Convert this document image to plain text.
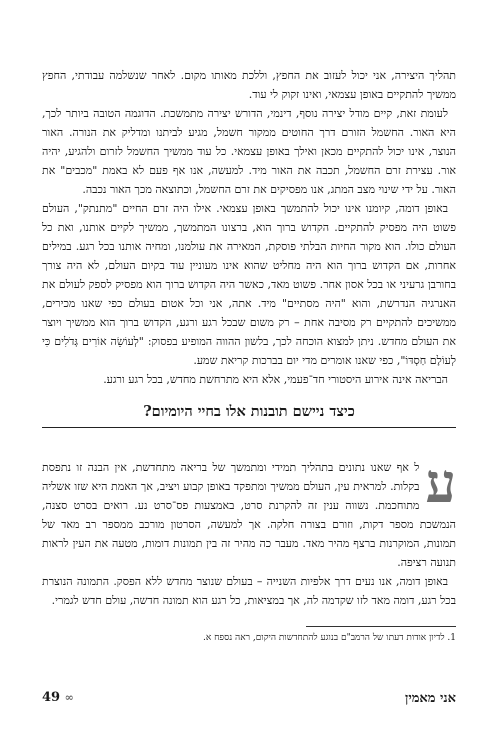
תהליך היצירה, אני יכול לעזוב את החפץ, וללכת מאותו מקום. לאחר שנשלמה עבודתי, החפץ ממשיך להתקיים באופן עצמאי, ואינו זקוק לי עוד.

לעומת זאת, קיים מודל יצירה נוסף, דינמי, הדורש יצירה מתמשכת. הדוגמה הטובה ביותר לכך, היא האור. החשמל הזורם דרך החוטים ממקור חשמל, מגיע לביתנו ומדליק את הנורה. האור הנוצר, אינו יכול להתקיים מכאן ואילך באופן עצמאי. כל עוד ממשיך החשמל לזרום ולהגיע, יהיה אור. עצירת זרם החשמל, תכבה את האור מיד. למעשה, אנו אף פעם לא באמת "מכבים" את האור. על ידי שינוי מצב המתג, אנו מפסיקים את זרם החשמל, וכתוצאה מכך האור נכבה.

באופן דומה, קיומנו אינו יכול להתמשך באופן עצמאי. אילו היה זרם החיים "מתנתק", העולם פשוט היה מפסיק להתקיים. הקדוש ברוך הוא, ברצונו המתמשך, ממשיך לקיים אותנו, ואת כל העולם כולו. הוא מקור החיות הבלתי פוסקת, המאירה את עולמנו, ומחיה אותנו בכל רגע. במילים אחרות, אם הקדוש ברוך הוא היה מחליט שהוא אינו מעוניין עוד בקיום העולם, לא היה צורך בחורבן גרעיני או בכל אסון אחר. פשוט מאד, כאשר היה הקדוש ברוך הוא מפסיק לספק לעולם את האנרגיה הנדרשת, והוא "היה מסתיים" מיד. אתה, אני וכל אטום בעולם כפי שאנו מכירים, ממשיכים להתקיים רק מסיבה אחת – רק משום שבכל רגע ורגע, הקדוש ברוך הוא ממשיך ויוצר את העולם מחדש. ניתן למצוא הוכחה לכך, בלשון ההווה המופיע בפסוק: "לְעוֹשֵׂה אוֹרִים גְּדֹלִים כִּי לְעוֹלָם חַסְדּוֹ", כפי שאנו אומרים מדי יום בברכות קריאת שמע.

הבריאה אינה אירוע היסטורי חד־פעמי, אלא היא מתרחשת מחדש, בכל רגע ורגע.

כיצד ניישם תובנות אלו בחיי היומיום?
ע

ל אף שאנו נתונים בתהליך תמידי ומתמשך של בריאה מתחדשת, אין הבנה זו נתפסת בקלות. למראית עין, העולם ממשיך ומתפקד באופן קבוע ויציב, אך האמת היא שזו אשליה מתוחכמת. נשווה ענין זה להקרנת סרט, באמצעות פס־סרט נע. רואים בסרט סצנה, הנמשכת מספר דקות, וזורם בצורה חלקה. אך למעשה, הסרטון מורכב ממספר רב מאד של תמונות, המוקרנות ברצף מהיר מאד. מעבר כה מהיר זה בין תמונות דומות, מטעה את העין לראות תנועה רציפה.

באופן דומה, אנו נעים דרך אלפיות השנייה – בעולם שנוצר מחדש ללא הפסק. התמונה הנוצרת בכל רגע, דומה מאד לזו שקדמה לה, אך במציאות, כל רגע הוא תמונה חדשה, עולם חדש לגמרי.

1. לדיון אודות דעתו של הרמב"ם בנוגע להתחדשות היקום, ראה נספח א.
אני מאמין
49 ∞
